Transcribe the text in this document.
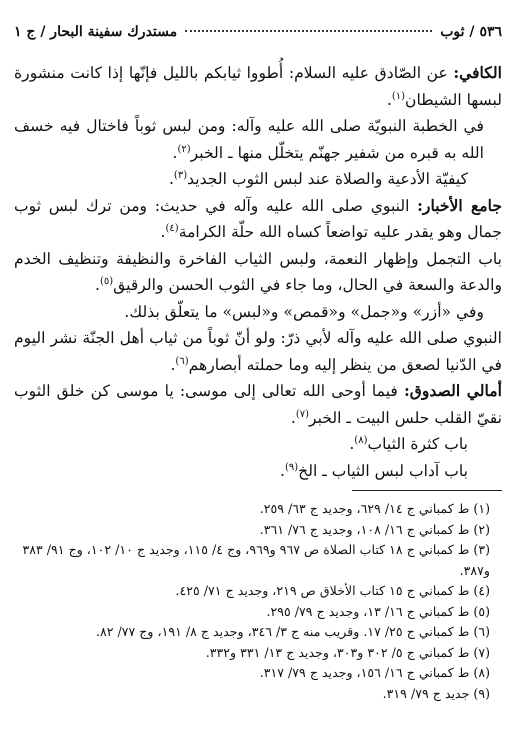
٥٣٦ / ثوب
مستدرك سفينة البحار / ج ١

الكافي: عن الصّادق عليه السلام: أُطووا ثيابكم بالليل فإنّها إذا كانت منشورة لبسها الشيطان$^{(١)}$.

في الخطبة النبويّة صلى الله عليه وآله: ومن لبس ثوباً فاختال فيه خسف الله به قبره من شفير جهنّم يتخلّل منها ـ الخبر$^{(٢)}$.

كيفيّة الأدعية والصلاة عند لبس الثوب الجديد$^{(٣)}$.

جامع الأخبار: النبوي صلى الله عليه وآله في حديث: ومن ترك لبس ثوب جمال وهو يقدر عليه تواضعاً كساه الله حلّة الكرامة$^{(٤)}$.

باب التجمل وإظهار النعمة، ولبس الثياب الفاخرة والنظيفة وتنظيف الخدم والدعة والسعة في الحال، وما جاء في الثوب الحسن والرقيق$^{(٥)}$.

وفي «أزر» و«جمل» و«قمص» و«لبس» ما يتعلّق بذلك.

النبوي صلى الله عليه وآله لأبي ذرّ: ولو أنّ ثوباً من ثياب أهل الجنّة نشر اليوم في الدّنيا لصعق من ينظر إليه وما حملته أبصارهم$^{(٦)}$.

أمالي الصدوق: فيما أوحى الله تعالى إلى موسى: يا موسى كن خلق الثوب نقيّ القلب حلس البيت ـ الخبر$^{(٧)}$.

باب كثرة الثياب$^{(٨)}$.

باب آداب لبس الثياب ـ الخ$^{(٩)}$.

(١) ط كمباني ج ١٤/ ٦٢٩، وجديد ج ٦٣/ ٢٥٩.
(٢) ط كمباني ج ١٦/ ١٠٨، وجديد ج ٧٦/ ٣٦١.
(٣) ط كمباني ج ١٨ كتاب الصلاة ص ٩٦٧ و٩٦٩، وج ٤/ ١١٥، وجديد ج ١٠/ ١٠٢، وج ٩١/ ٣٨٣ و٣٨٧.
(٤) ط كمباني ج ١٥ كتاب الأخلاق ص ٢١٩، وجديد ج ٧١/ ٤٢٥.
(٥) ط كمباني ج ١٦/ ١٣، وجديد ج ٧٩/ ٢٩٥.
(٦) ط كمباني ج ٢٥/ ١٧. وقريب منه ج ٣/ ٣٤٦، وجديد ج ٨/ ١٩١، وج ٧٧/ ٨٢.
(٧) ط كمباني ج ٥/ ٣٠٢ و٣٠٣، وجديد ج ١٣/ ٣٣١ و٣٣٢.
(٨) ط كمباني ج ١٦/ ١٥٦، وجديد ج ٧٩/ ٣١٧.
(٩) جديد ج ٧٩/ ٣١٩.
